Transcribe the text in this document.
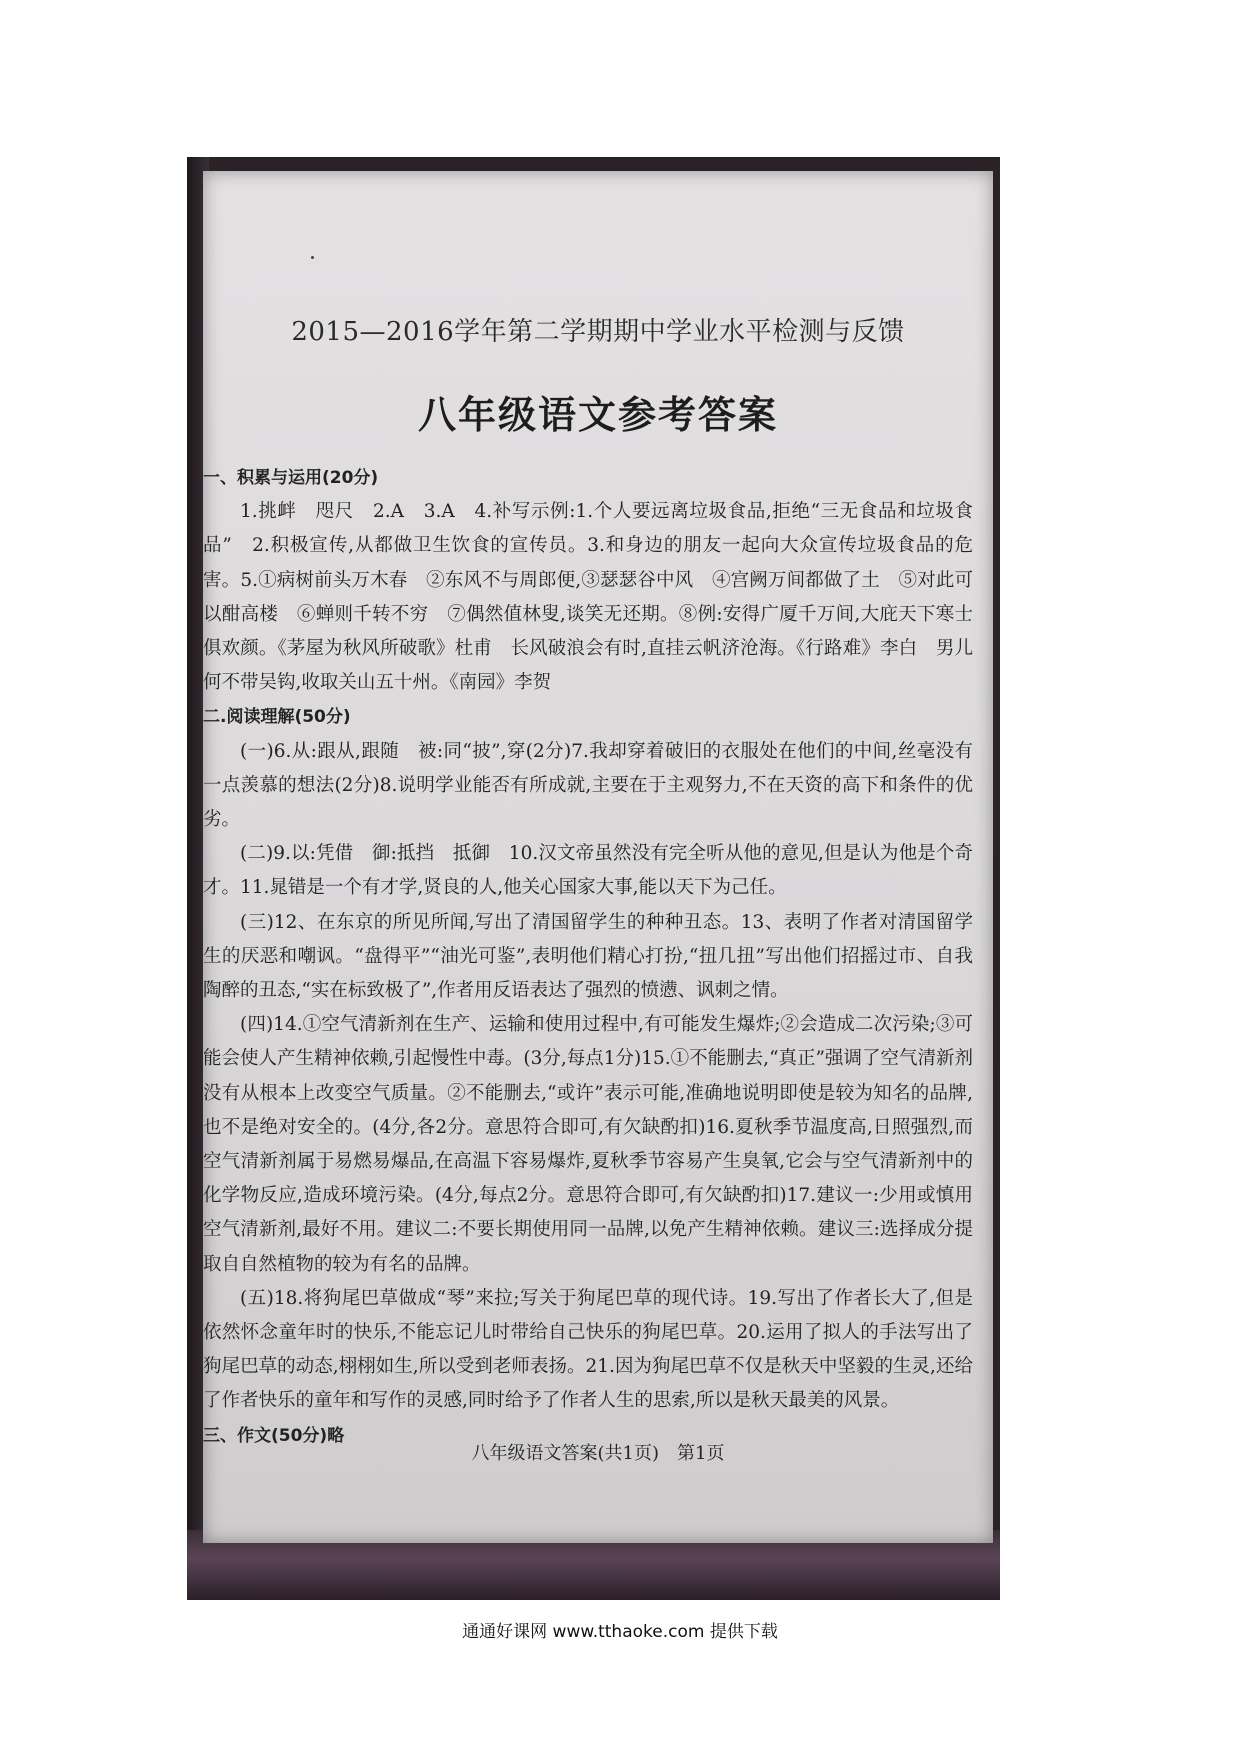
2015—2016学年第二学期期中学业水平检测与反馈
八年级语文参考答案

一、积累与运用(20分)

1.挑衅　咫尺　2.A　3.A　4.补写示例:1.个人要远离垃圾食品,拒绝“三无食品和垃圾食品”　2.积极宣传,从都做卫生饮食的宣传员。3.和身边的朋友一起向大众宣传垃圾食品的危害。5.①病树前头万木春　②东风不与周郎便,③瑟瑟谷中风　④宫阙万间都做了土　⑤对此可以酣高楼　⑥蝉则千转不穷　⑦偶然值林叟,谈笑无还期。⑧例:安得广厦千万间,大庇天下寒士俱欢颜。《茅屋为秋风所破歌》杜甫　长风破浪会有时,直挂云帆济沧海。《行路难》李白　男儿何不带吴钩,收取关山五十州。《南园》李贺

二.阅读理解(50分)

(一)6.从:跟从,跟随　被:同“披”,穿(2分)7.我却穿着破旧的衣服处在他们的中间,丝毫没有一点羡慕的想法(2分)8.说明学业能否有所成就,主要在于主观努力,不在天资的高下和条件的优劣。

(二)9.以:凭借　御:抵挡　抵御　10.汉文帝虽然没有完全听从他的意见,但是认为他是个奇才。11.晁错是一个有才学,贤良的人,他关心国家大事,能以天下为己任。

(三)12、在东京的所见所闻,写出了清国留学生的种种丑态。13、表明了作者对清国留学生的厌恶和嘲讽。“盘得平”“油光可鉴”,表明他们精心打扮,“扭几扭”写出他们招摇过市、自我陶醉的丑态,“实在标致极了”,作者用反语表达了强烈的愤懑、讽刺之情。

(四)14.①空气清新剂在生产、运输和使用过程中,有可能发生爆炸;②会造成二次污染;③可能会使人产生精神依赖,引起慢性中毒。(3分,每点1分)15.①不能删去,“真正”强调了空气清新剂没有从根本上改变空气质量。②不能删去,“或许”表示可能,准确地说明即使是较为知名的品牌,也不是绝对安全的。(4分,各2分。意思符合即可,有欠缺酌扣)16.夏秋季节温度高,日照强烈,而空气清新剂属于易燃易爆品,在高温下容易爆炸,夏秋季节容易产生臭氧,它会与空气清新剂中的化学物反应,造成环境污染。(4分,每点2分。意思符合即可,有欠缺酌扣)17.建议一:少用或慎用空气清新剂,最好不用。建议二:不要长期使用同一品牌,以免产生精神依赖。建议三:选择成分提取自自然植物的较为有名的品牌。

(五)18.将狗尾巴草做成“琴”来拉;写关于狗尾巴草的现代诗。19.写出了作者长大了,但是依然怀念童年时的快乐,不能忘记儿时带给自己快乐的狗尾巴草。20.运用了拟人的手法写出了狗尾巴草的动态,栩栩如生,所以受到老师表扬。21.因为狗尾巴草不仅是秋天中坚毅的生灵,还给了作者快乐的童年和写作的灵感,同时给予了作者人生的思索,所以是秋天最美的风景。

三、作文(50分)略

八年级语文答案(共1页)　第1页
通通好课网 www.tthaoke.com 提供下载
